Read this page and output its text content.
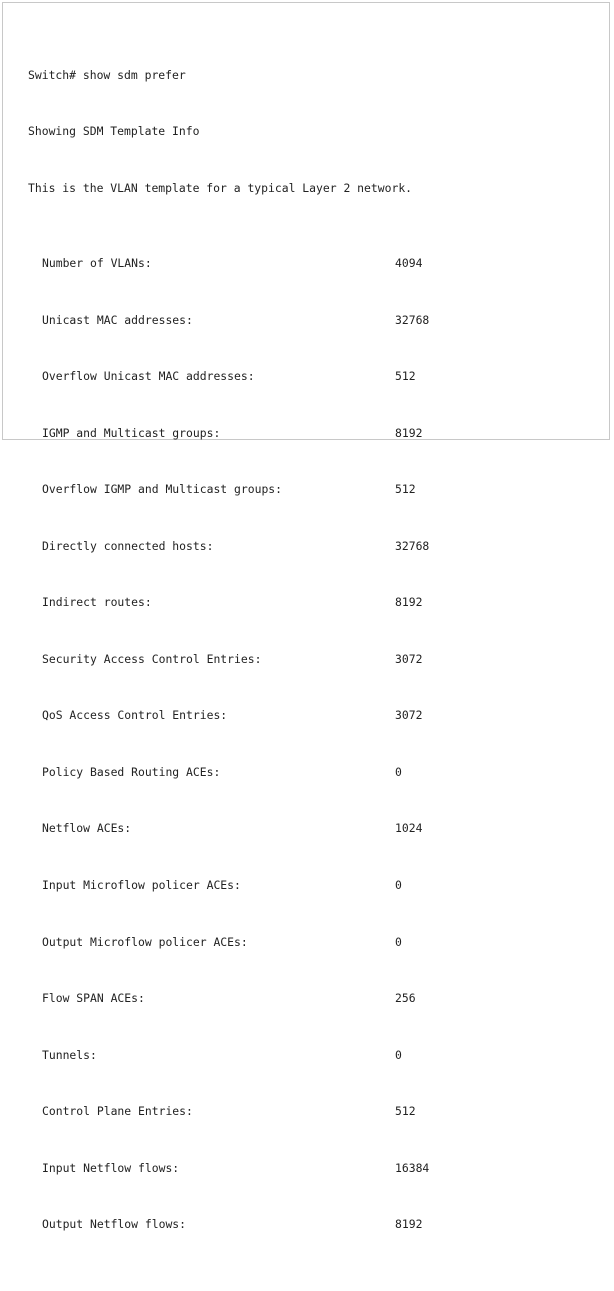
Switch# show sdm prefer

Showing SDM Template Info

This is the VLAN template for a typical Layer 2 network.

Number of VLANs:

	4094

Unicast MAC addresses:

	32768

Overflow Unicast MAC addresses:

	512

IGMP and Multicast groups:

	8192

Overflow IGMP and Multicast groups:

	512

Directly connected hosts:

	32768

Indirect routes:

	8192

Security Access Control Entries:

	3072

QoS Access Control Entries:

	3072

Policy Based Routing ACEs:

	0

Netflow ACEs:

	1024

Input Microflow policer ACEs:

	0

Output Microflow policer ACEs:

	0

Flow SPAN ACEs:

	256

Tunnels:

	0

Control Plane Entries:

	512

Input Netflow flows:

	16384

Output Netflow flows:

	8192
